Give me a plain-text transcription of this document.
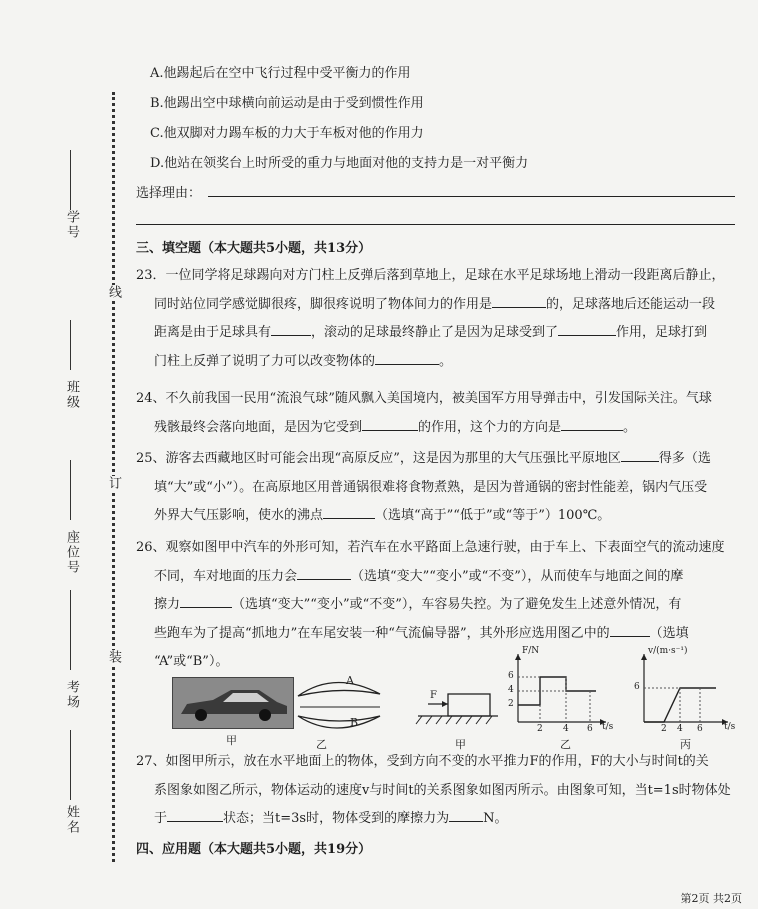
学号
班级
座位号
考场
姓名
线
订
装
A.他踢起后在空中飞行过程中受平衡力的作用
B.他踢出空中球横向前运动是由于受到惯性作用
C.他双脚对力踢车板的力大于车板对他的作用力
D.他站在领奖台上时所受的重力与地面对他的支持力是一对平衡力
选择理由：
三、填空题（本大题共5小题，共13分）
23．一位同学将足球踢向对方门柱上反弹后落到草地上，足球在水平足球场地上滑动一段距离后静止，
同时站位同学感觉脚很疼，脚很疼说明了物体间力的作用是	的，足球落地后还能运动一段
距离是由于足球具有	，滚动的足球最终静止了是因为足球受到了	作用，足球打到
门柱上反弹了说明了力可以改变物体的	。
24、不久前我国一民用“流浪气球”随风飘入美国境内，被美国军方用导弹击中，引发国际关注。气球
残骸最终会落向地面，是因为它受到	的作用，这个力的方向是	。
25、游客去西藏地区时可能会出现“高原反应”，这是因为那里的大气压强比平原地区	得多（选
填“大”或“小”）。在高原地区用普通锅很难将食物煮熟，是因为普通锅的密封性能差，锅内气压受
外界大气压影响，使水的沸点	（选填“高于”“低于”或“等于”）100℃。
26、观察如图甲中汽车的外形可知，若汽车在水平路面上急速行驶，由于车上、下表面空气的流动速度
不同，车对地面的压力会	（选填“变大”“变小”或“不变”），从而使车与地面之间的摩
擦力	（选填“变大”“变小”或“不变”），车容易失控。为了避免发生上述意外情况，有
些跑车为了提高“抓地力”在车尾安装一种“气流偏导器”，其外形应选用图乙中的	（选填
“A”或“B”）。
甲
A
B
乙
F
甲
F/N
6
4
2
2 4 6 t/s
乙
v/(m·s⁻¹)
6
2 4 6 t/s
丙
27、如图甲所示，放在水平地面上的物体，受到方向不变的水平推力F的作用，F的大小与时间t的关
系图象如图乙所示，物体运动的速度v与时间t的关系图象如图丙所示。由图象可知，当t=1s时物体处
于	状态；当t=3s时，物体受到的摩擦力为	N。
四、应用题（本大题共5小题，共19分）
第2页 共2页
